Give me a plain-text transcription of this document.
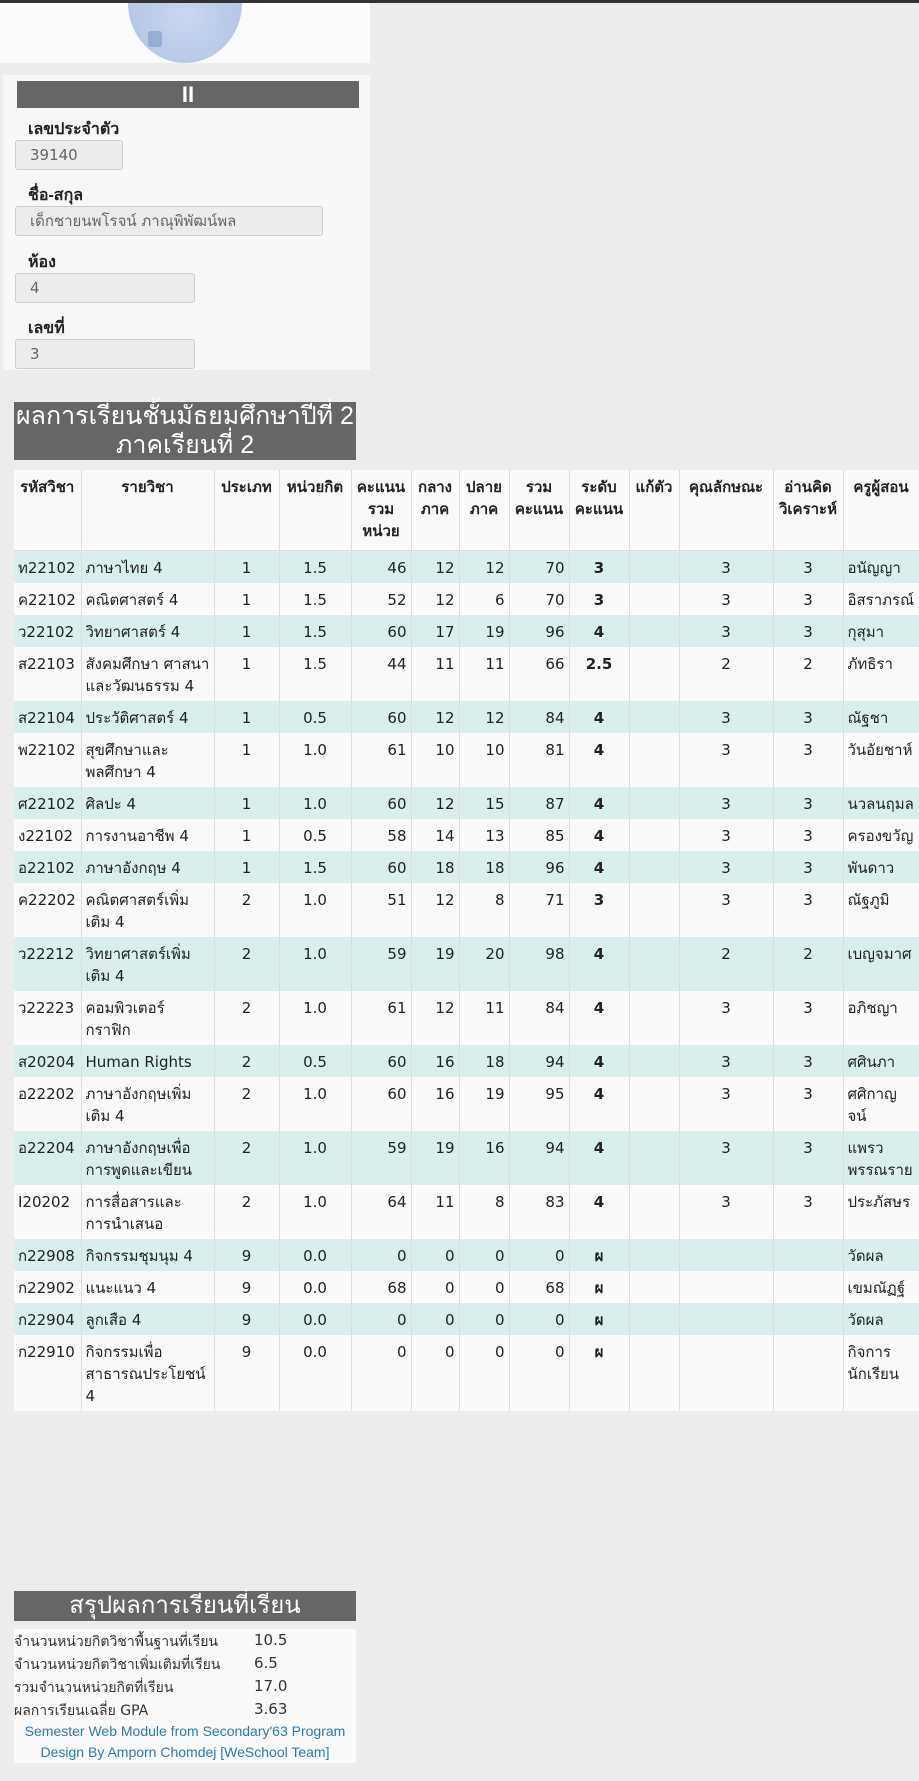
II
เลขประจำตัว
39140
ชื่อ-สกุล
เด็กชายนพโรจน์ ภาณุพิพัฒน์พล
ห้อง
4
เลขที่
3
ผลการเรียนชั้นมัธยมศึกษาปีที่ 2 ภาคเรียนที่ 2
รหัสวิชา	รายวิชา	ประเภท	หน่วยกิต	คะแนนรวมหน่วย	กลางภาค	ปลายภาค	รวมคะแนน	ระดับคะแนน	แก้ตัว	คุณลักษณะ	อ่านคิดวิเคราะห์	ครูผู้สอน
ท22102	ภาษาไทย 4	1	1.5	46	12	12	70	3		3	3	อนัญญา
ค22102	คณิตศาสตร์ 4	1	1.5	52	12	6	70	3		3	3	อิสราภรณ์
ว22102	วิทยาศาสตร์ 4	1	1.5	60	17	19	96	4		3	3	กุสุมา
ส22103	สังคมศึกษา ศาสนาและวัฒนธรรม 4	1	1.5	44	11	11	66	2.5		2	2	ภัทธิรา
ส22104	ประวัติศาสตร์ 4	1	0.5	60	12	12	84	4		3	3	ณัฐชา
พ22102	สุขศึกษาและพลศึกษา 4	1	1.0	61	10	10	81	4		3	3	วันอัยชาห์
ศ22102	ศิลปะ 4	1	1.0	60	12	15	87	4		3	3	นวลนฤมล
ง22102	การงานอาชีพ 4	1	0.5	58	14	13	85	4		3	3	ครองขวัญ
อ22102	ภาษาอังกฤษ 4	1	1.5	60	18	18	96	4		3	3	พันดาว
ค22202	คณิตศาสตร์เพิ่มเติม 4	2	1.0	51	12	8	71	3		3	3	ณัฐภูมิ
ว22212	วิทยาศาสตร์เพิ่มเติม 4	2	1.0	59	19	20	98	4		2	2	เบญจมาศ
ว22223	คอมพิวเตอร์กราฟิก	2	1.0	61	12	11	84	4		3	3	อภิชญา
ส20204	Human Rights	2	0.5	60	16	18	94	4		3	3	ศศินภา
อ22202	ภาษาอังกฤษเพิ่มเติม 4	2	1.0	60	16	19	95	4		3	3	ศศิกาญจน์
อ22204	ภาษาอังกฤษเพื่อการพูดและเขียน	2	1.0	59	19	16	94	4		3	3	แพรวพรรณราย
I20202	การสื่อสารและการนำเสนอ	2	1.0	64	11	8	83	4		3	3	ประภัสษร
ก22908	กิจกรรมชุมนุม 4	9	0.0	0	0	0	0	ผ				วัดผล
ก22902	แนะแนว 4	9	0.0	68	0	0	68	ผ				เขมณัฏฐ์
ก22904	ลูกเสือ 4	9	0.0	0	0	0	0	ผ				วัดผล
ก22910	กิจกรรมเพื่อสาธารณประโยชน์ 4	9	0.0	0	0	0	0	ผ				กิจการนักเรียน
สรุปผลการเรียนที่เรียน
จำนวนหน่วยกิตวิชาพื้นฐานที่เรียน 10.5
จำนวนหน่วยกิตวิชาเพิ่มเติมที่เรียน 6.5
รวมจำนวนหน่วยกิตที่เรียน	17.0
ผลการเรียนเฉลี่ย GPA	3.63
Semester Web Module from Secondary'63 Program
Design By Amporn Chomdej [WeSchool Team]
